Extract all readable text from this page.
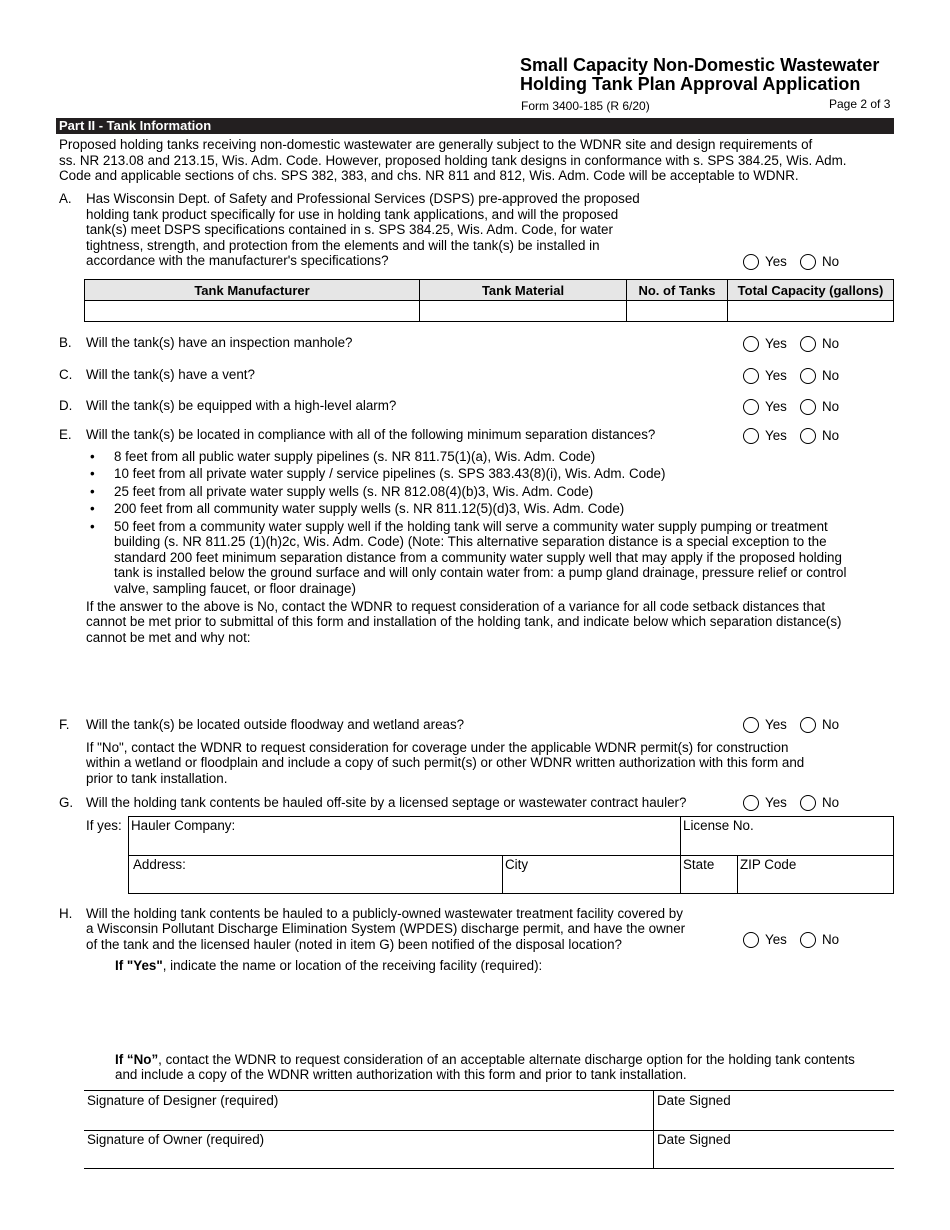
Small Capacity Non-Domestic Wastewater
Holding Tank Plan Approval Application
Form 3400-185 (R 6/20)	Page 2 of 3
Part II - Tank Information
Proposed holding tanks receiving non-domestic wastewater are generally subject to the WDNR site and design requirements of
ss. NR 213.08 and 213.15, Wis. Adm. Code. However, proposed holding tank designs in conformance with s. SPS 384.25, Wis. Adm.
Code and applicable sections of chs. SPS 382, 383, and chs. NR 811 and 812, Wis. Adm. Code will be acceptable to WDNR.
A. Has Wisconsin Dept. of Safety and Professional Services (DSPS) pre-approved the proposed
holding tank product specifically for use in holding tank applications, and will the proposed
tank(s) meet DSPS specifications contained in s. SPS 384.25, Wis. Adm. Code, for water
tightness, strength, and protection from the elements and will the tank(s) be installed in
accordance with the manufacturer's specifications?	Yes	No
Tank Manufacturer	Tank Material	No. of Tanks	Total Capacity (gallons)

B. Will the tank(s) have an inspection manhole?	Yes	No
C. Will the tank(s) have a vent?	Yes	No
D. Will the tank(s) be equipped with a high-level alarm?	Yes	No
E. Will the tank(s) be located in compliance with all of the following minimum separation distances?	Yes	No
• 8 feet from all public water supply pipelines (s. NR 811.75(1)(a), Wis. Adm. Code)
• 10 feet from all private water supply / service pipelines (s. SPS 383.43(8)(i), Wis. Adm. Code)
• 25 feet from all private water supply wells (s. NR 812.08(4)(b)3, Wis. Adm. Code)
• 200 feet from all community water supply wells (s. NR 811.12(5)(d)3, Wis. Adm. Code)
• 50 feet from a community water supply well if the holding tank will serve a community water supply pumping or treatment
building (s. NR 811.25 (1)(h)2c, Wis. Adm. Code) (Note: This alternative separation distance is a special exception to the
standard 200 feet minimum separation distance from a community water supply well that may apply if the proposed holding
tank is installed below the ground surface and will only contain water from: a pump gland drainage, pressure relief or control
valve, sampling faucet, or floor drainage)
If the answer to the above is No, contact the WDNR to request consideration of a variance for all code setback distances that
cannot be met prior to submittal of this form and installation of the holding tank, and indicate below which separation distance(s)
cannot be met and why not:
F. Will the tank(s) be located outside floodway and wetland areas?	Yes	No
If "No", contact the WDNR to request consideration for coverage under the applicable WDNR permit(s) for construction
within a wetland or floodplain and include a copy of such permit(s) or other WDNR written authorization with this form and
prior to tank installation.
G. Will the holding tank contents be hauled off-site by a licensed septage or wastewater contract hauler?	Yes	No
If yes: Hauler Company:	License No.
Address:	City	State ZIP Code
H. Will the holding tank contents be hauled to a publicly-owned wastewater treatment facility covered by
a Wisconsin Pollutant Discharge Elimination System (WPDES) discharge permit, and have the owner
of the tank and the licensed hauler (noted in item G) been notified of the disposal location?	Yes	No
If "Yes", indicate the name or location of the receiving facility (required):
If “No”, contact the WDNR to request consideration of an acceptable alternate discharge option for the holding tank contents
and include a copy of the WDNR written authorization with this form and prior to tank installation.
Signature of Designer (required)	Date Signed
Signature of Owner (required)	Date Signed
